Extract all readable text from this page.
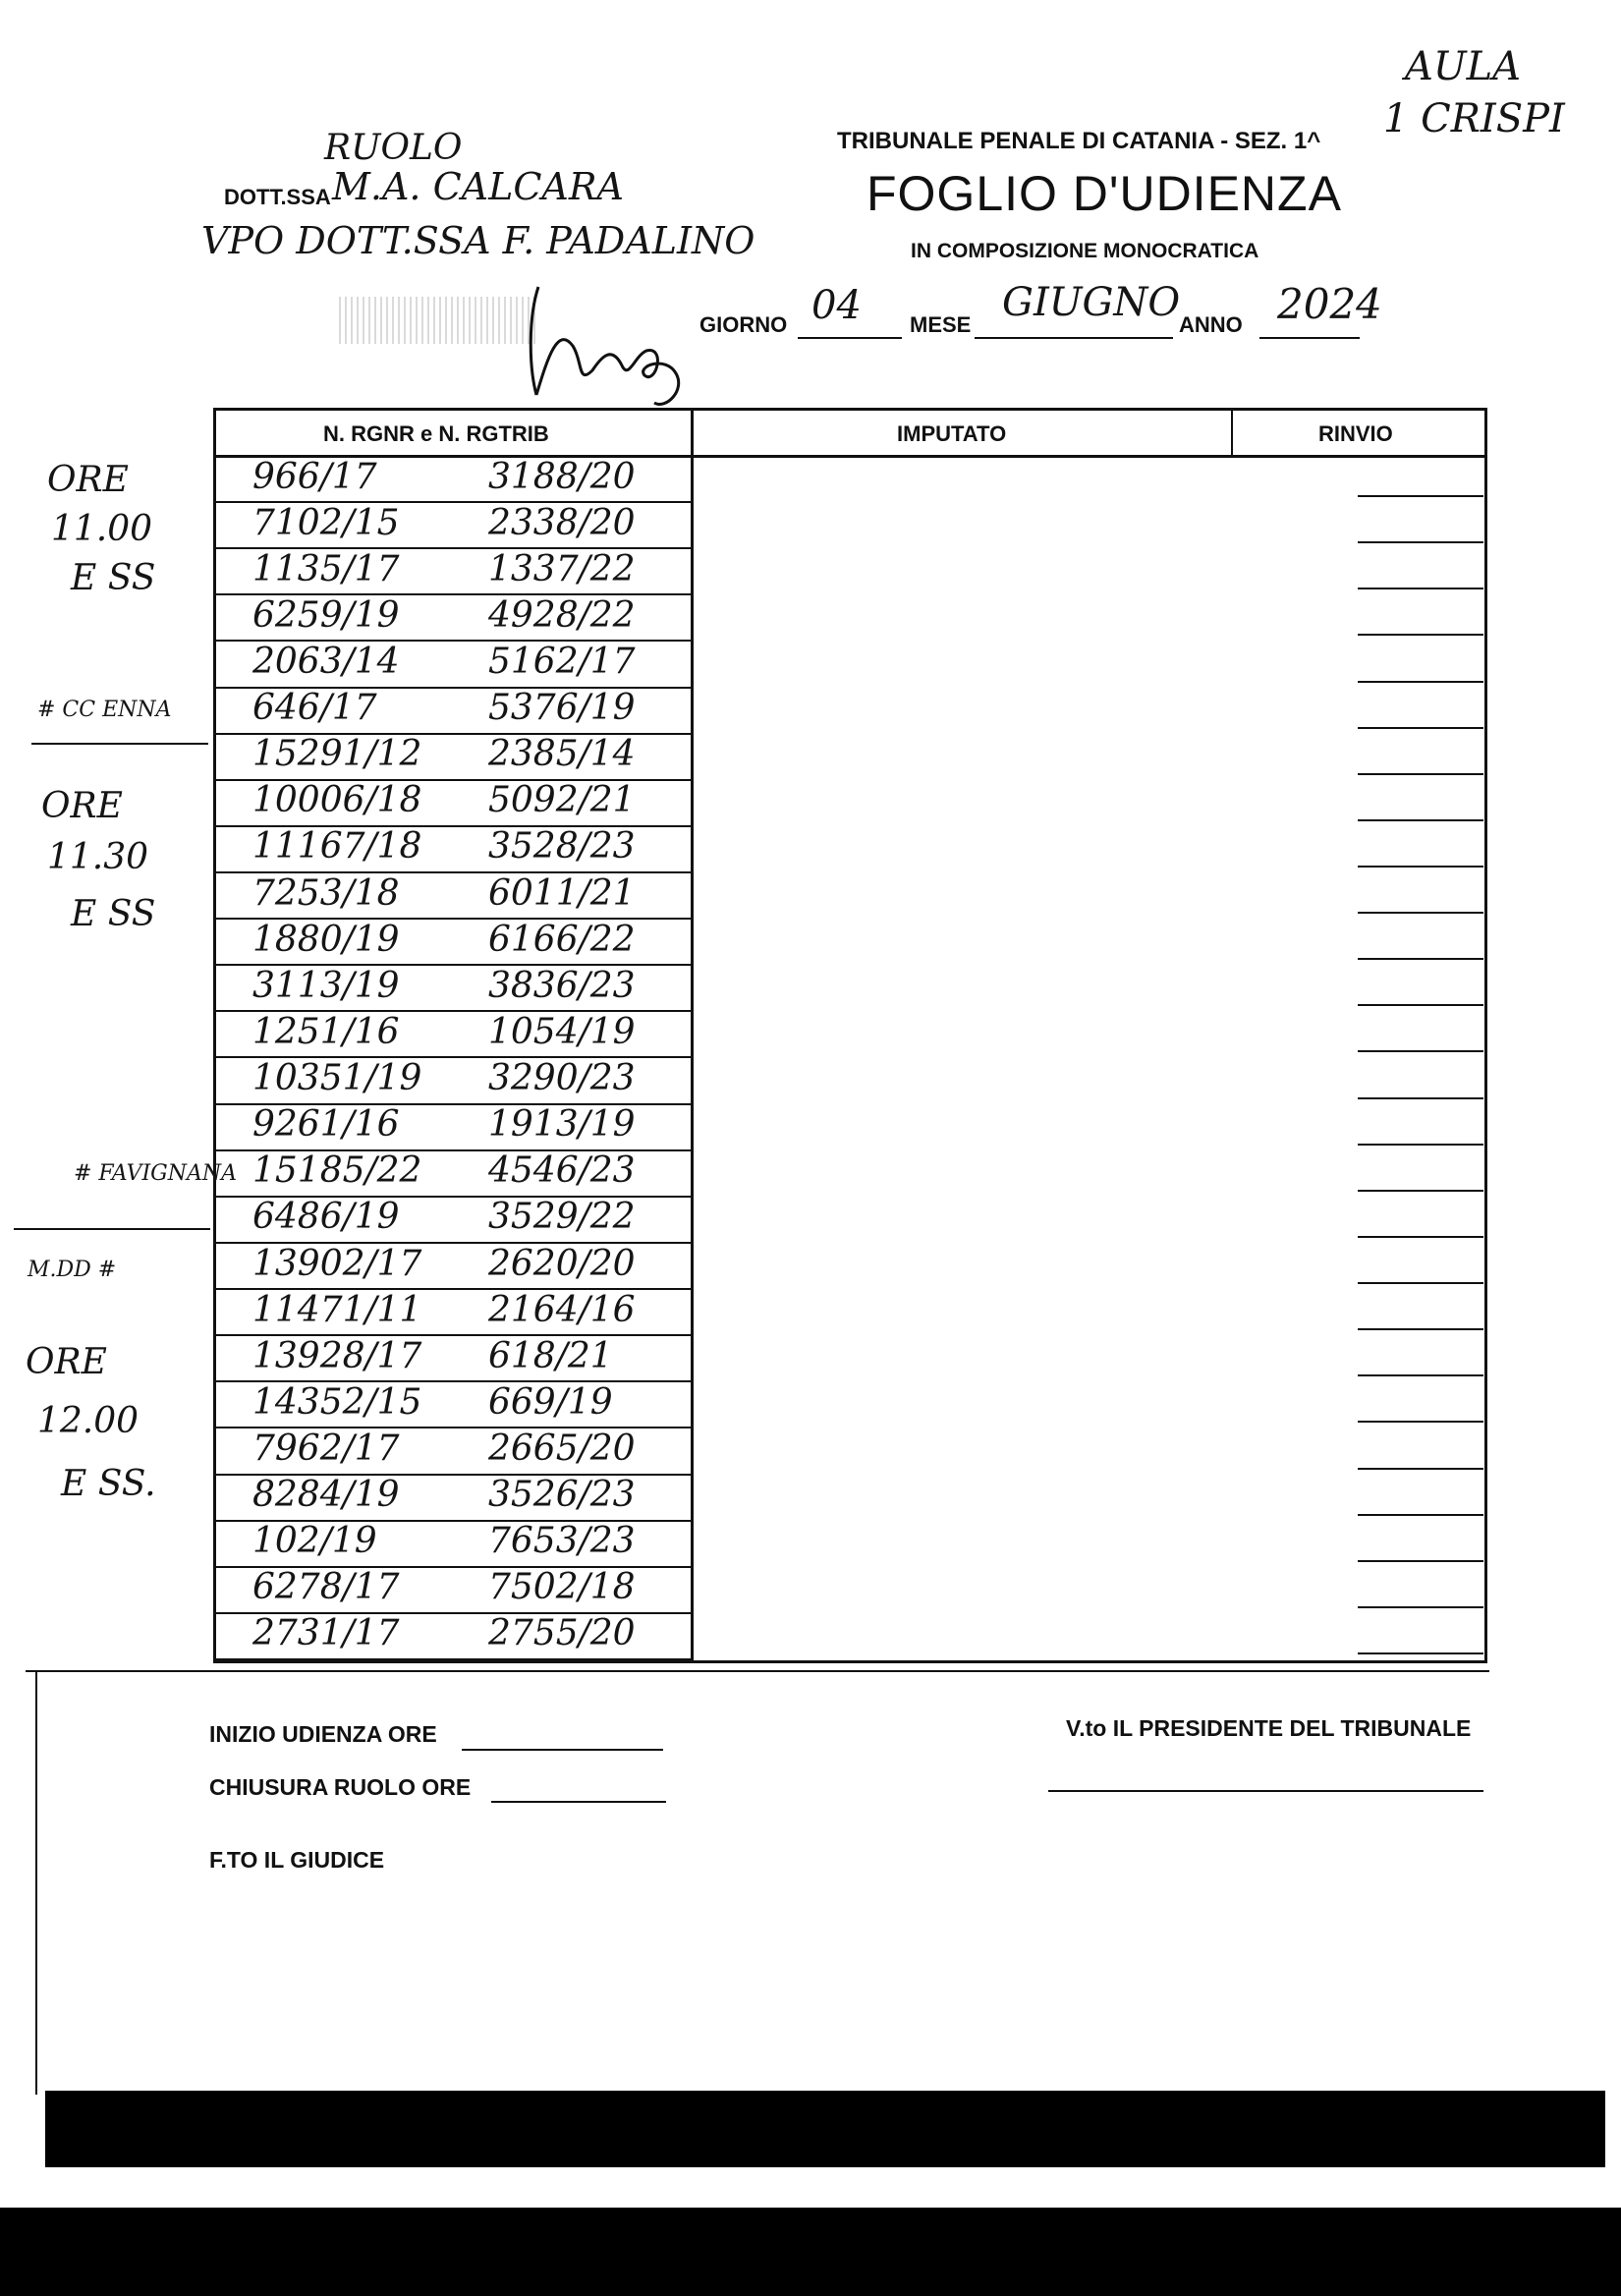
AULA
1 CRISPI
TRIBUNALE PENALE DI CATANIA - SEZ. 1^
FOGLIO D'UDIENZA
IN COMPOSIZIONE MONOCRATICA
RUOLO
DOTT.SSA M.A. CALCARA
VPO DOTT.SSA F. PADALINO
GIORNO 04 MESE GIUGNO
ANNO 2024
N. RGNR e N. RGTRIB	IMPUTATO	RINVIO
966/17	3188/20
7102/15	2338/20
1135/17	1337/22
6259/19	4928/22
2063/14	5162/17
646/17	5376/19
15291/12 2385/14
10006/18 5092/21
11167/18 3528/23
7253/18	6011/21
1880/19	6166/22
3113/19	3836/23
1251/16	1054/19
10351/19 3290/23
9261/16	1913/19
15185/22 4546/23
6486/19	3529/22
13902/17 2620/20
11471/11 2164/16
13928/17 618/21
14352/15 669/19
7962/17	2665/20
8284/19	3526/23
102/19	7653/23
6278/17	7502/18
2731/17	2755/20
ORE
11.00
E SS
# CC ENNA
ORE
11.30
E SS
# FAVIGNANA
M.DD #
ORE
12.00
E SS.
INIZIO UDIENZA ORE
CHIUSURA RUOLO ORE
F.TO IL GIUDICE
V.to IL PRESIDENTE DEL TRIBUNALE
